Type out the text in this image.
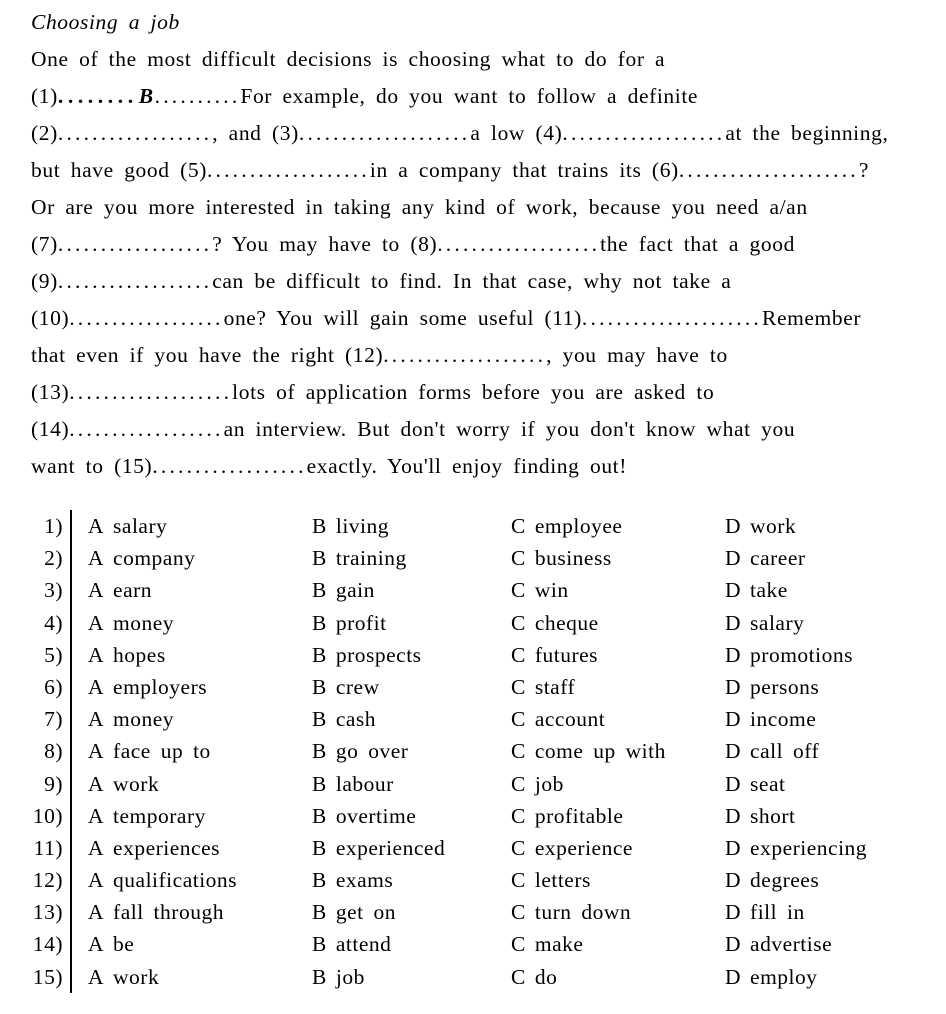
Choosing a job
One of the most difficult decisions is choosing what to do for a
(1)........B..........For example, do you want to follow a definite
(2).................., and (3)....................a low (4)...................at the beginning,
but have good (5)...................in a company that trains its (6).....................?
Or are you more interested in taking any kind of work, because you need a/an
(7)..................? You may have to (8)...................the fact that a good
(9)..................can be difficult to find. In that case, why not take a
(10)..................one? You will gain some useful (11).....................Remember
that even if you have the right (12)..................., you may have to
(13)...................lots of application forms before you are asked to
(14)..................an interview. But don't worry if you don't know what you
want to (15)..................exactly. You'll enjoy finding out!
1)	A salary	B living	C employee	D work
2)	A company	B training	C business	D career
3)	A earn	B gain	C win	D take
4)	A money	B profit	C cheque	D salary
5)	A hopes	B prospects	C futures	D promotions
6)	A employers	B crew	C staff	D persons
7)	A money	B cash	C account	D income
8)	A face up to	B go over	C come up with	D call off
9)	A work	B labour	C job	D seat
10)	A temporary	B overtime	C profitable	D short
11)	A experiences	B experienced	C experience	D experiencing
12)	A qualifications	B exams	C letters	D degrees
13)	A fall through	B get on	C turn down	D fill in
14)	A be	B attend	C make	D advertise
15)	A work	B job	C do	D employ
